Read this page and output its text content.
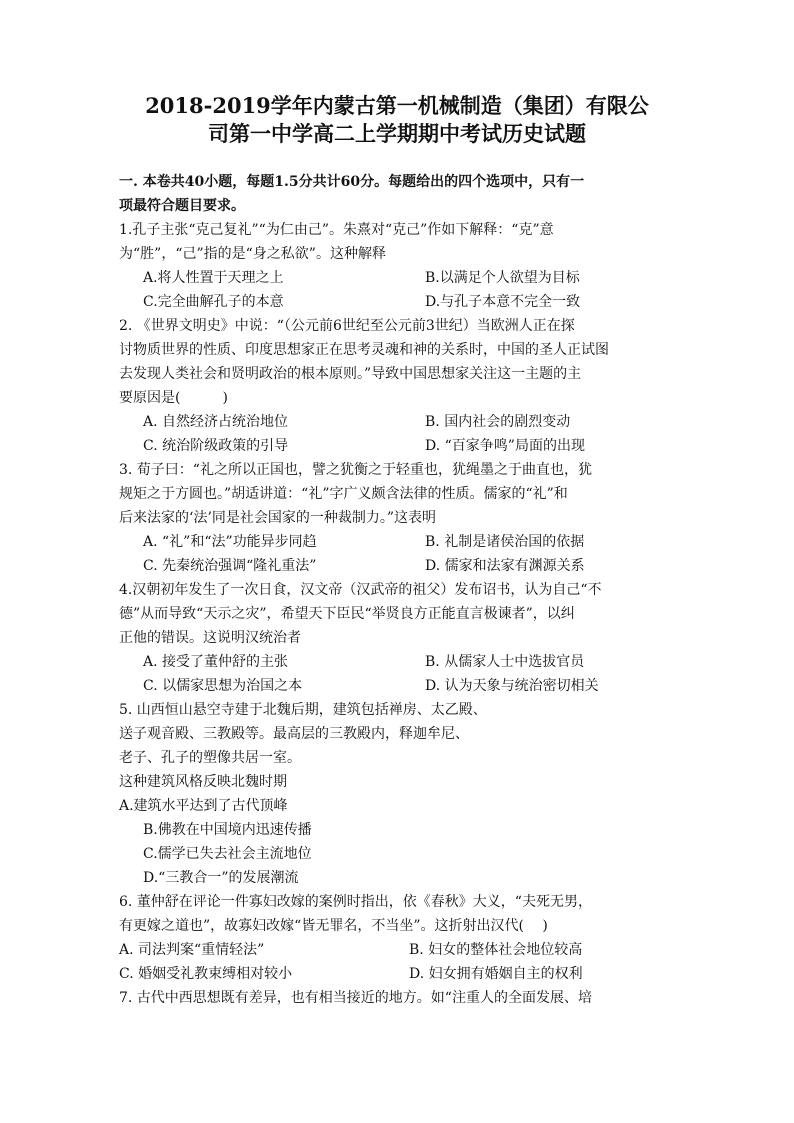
2018-2019学年内蒙古第一机械制造（集团）有限公
司第一中学高二上学期期中考试历史试题
一. 本卷共40小题，每题1.5分共计60分。每题给出的四个选项中，只有一
项最符合题目要求。
1.孔子主张“克己复礼”“为仁由己”。朱熹对“克己”作如下解释：“克”意
为“胜”，“己”指的是“身之私欲”。这种解释
A.将人性置于天理之上	B.以满足个人欲望为目标
C.完全曲解孔子的本意	D.与孔子本意不完全一致
2. 《世界文明史》中说：“（公元前6世纪至公元前3世纪）当欧洲人正在探
讨物质世界的性质、印度思想家正在思考灵魂和神的关系时，中国的圣人正试图
去发现人类社会和贤明政治的根本原则。”导致中国思想家关注这一主题的主
要原因是(　　　)
A. 自然经济占统治地位	B. 国内社会的剧烈变动
C. 统治阶级政策的引导	D. “百家争鸣”局面的出现
3. 荀子曰：“礼之所以正国也，譬之犹衡之于轻重也，犹绳墨之于曲直也，犹
规矩之于方圆也。”胡适讲道：“礼”字广义颇含法律的性质。儒家的“礼”和
后来法家的‘法’同是社会国家的一种裁制力。”这表明
A. “礼”和“法”功能异步同趋	B. 礼制是诸侯治国的依据
C. 先秦统治强调“隆礼重法”	D. 儒家和法家有渊源关系
4.汉朝初年发生了一次日食，汉文帝（汉武帝的祖父）发布诏书，认为自己“不
德”从而导致“天示之灾”，希望天下臣民“举贤良方正能直言极谏者”，以纠
正他的错误。这说明汉统治者
A. 接受了董仲舒的主张	B. 从儒家人士中选拔官员
C. 以儒家思想为治国之本	D. 认为天象与统治密切相关
5. 山西恒山悬空寺建于北魏后期，建筑包括禅房、太乙殿、
送子观音殿、三教殿等。最高层的三教殿内，释迦牟尼、
老子、孔子的塑像共居一室。
这种建筑风格反映北魏时期
A.建筑水平达到了古代顶峰
B.佛教在中国境内迅速传播
C.儒学已失去社会主流地位
D.“三教合一”的发展潮流
6. 董仲舒在评论一件寡妇改嫁的案例时指出，依《春秋》大义，“夫死无男，
有更嫁之道也”，故寡妇改嫁“皆无罪名，不当坐”。这折射出汉代(　 )
A. 司法判案“重情轻法”	B. 妇女的整体社会地位较高
C. 婚姻受礼教束缚相对较小	D. 妇女拥有婚姻自主的权利
7. 古代中西思想既有差异，也有相当接近的地方。如“注重人的全面发展、培
